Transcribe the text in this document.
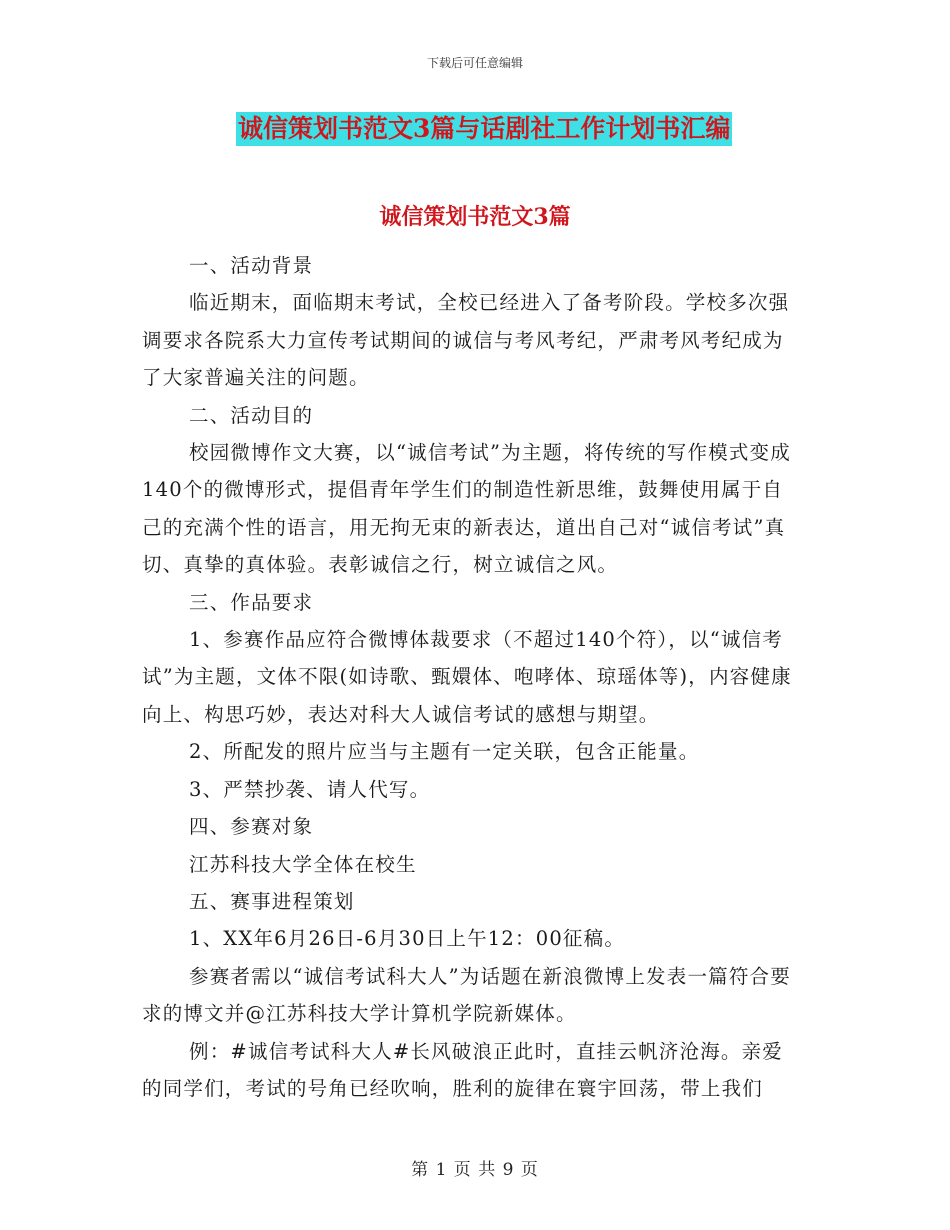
下载后可任意编辑
诚信策划书范文3篇与话剧社工作计划书汇编
诚信策划书范文3篇

一、活动背景

临近期末，面临期末考试，全校已经进入了备考阶段。学校多次强调要求各院系大力宣传考试期间的诚信与考风考纪，严肃考风考纪成为了大家普遍关注的问题。

二、活动目的

校园微博作文大赛，以“诚信考试”为主题，将传统的写作模式变成140个的微博形式，提倡青年学生们的制造性新思维，鼓舞使用属于自己的充满个性的语言，用无拘无束的新表达，道出自己对“诚信考试”真切、真挚的真体验。表彰诚信之行，树立诚信之风。

三、作品要求

1、参赛作品应符合微博体裁要求（不超过140个符），以“诚信考试”为主题，文体不限(如诗歌、甄嬛体、咆哮体、琼瑶体等)，内容健康向上、构思巧妙，表达对科大人诚信考试的感想与期望。

2、所配发的照片应当与主题有一定关联，包含正能量。

3、严禁抄袭、请人代写。

四、参赛对象

江苏科技大学全体在校生

五、赛事进程策划

1、XX年6月26日-6月30日上午12：00征稿。

参赛者需以“诚信考试科大人”为话题在新浪微博上发表一篇符合要求的博文并@江苏科技大学计算机学院新媒体。

例：#诚信考试科大人#长风破浪正此时，直挂云帆济沧海。亲爱的同学们，考试的号角已经吹响，胜利的旋律在寰宇回荡，带上我们

第 1 页 共 9 页
